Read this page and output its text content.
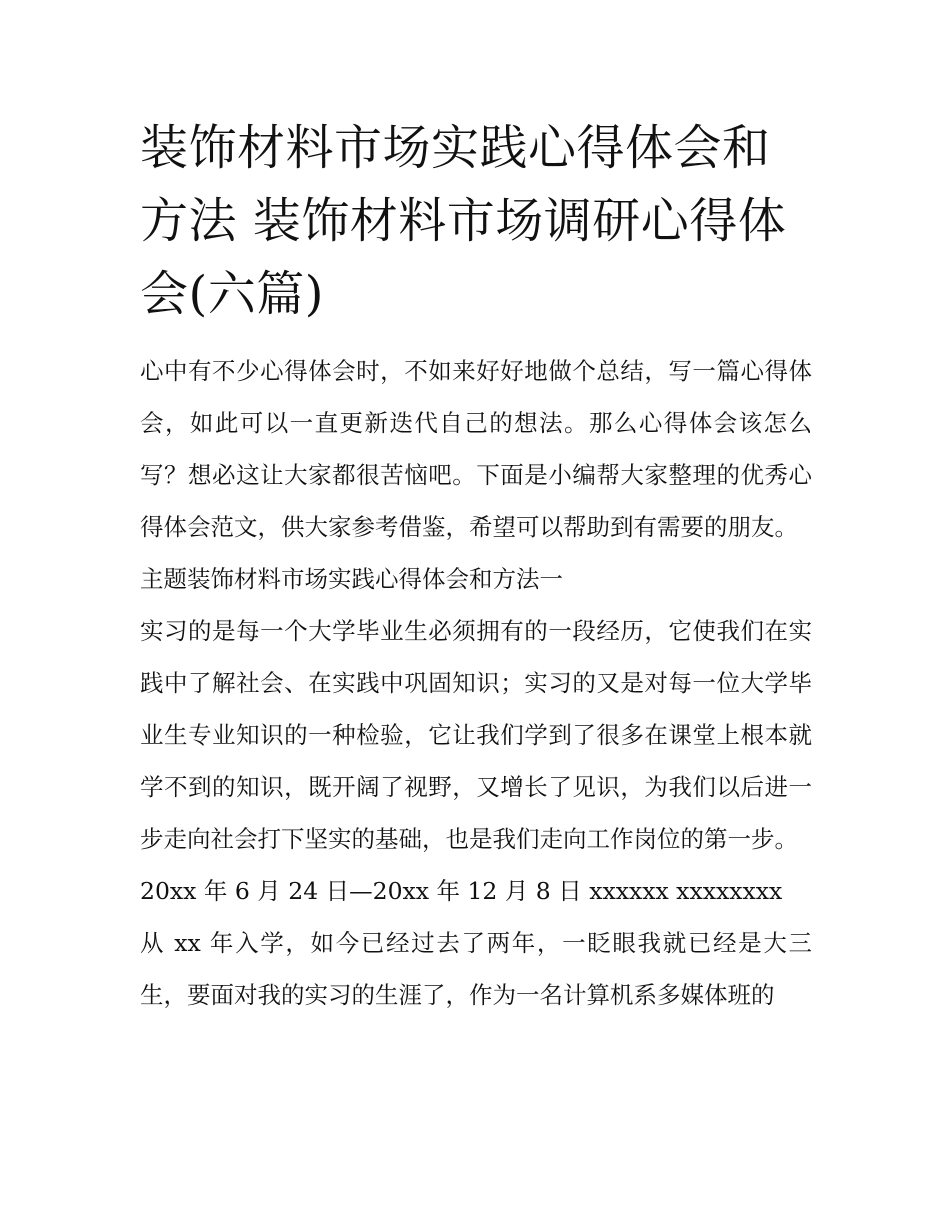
装饰材料市场实践心得体会和方法 装饰材料市场调研心得体会(六篇)

心中有不少心得体会时，不如来好好地做个总结，写一篇心得体会，如此可以一直更新迭代自己的想法。那么心得体会该怎么写？想必这让大家都很苦恼吧。下面是小编帮大家整理的优秀心得体会范文，供大家参考借鉴，希望可以帮助到有需要的朋友。

主题装饰材料市场实践心得体会和方法一

实习的是每一个大学毕业生必须拥有的一段经历，它使我们在实践中了解社会、在实践中巩固知识；实习的又是对每一位大学毕业生专业知识的一种检验，它让我们学到了很多在课堂上根本就学不到的知识，既开阔了视野，又增长了见识，为我们以后进一步走向社会打下坚实的基础，也是我们走向工作岗位的第一步。

20xx 年 6 月 24 日—20xx 年 12 月 8 日 xxxxxx xxxxxxxx

从 xx 年入学，如今已经过去了两年，一眨眼我就已经是大三生，要面对我的实习的生涯了，作为一名计算机系多媒体班的
